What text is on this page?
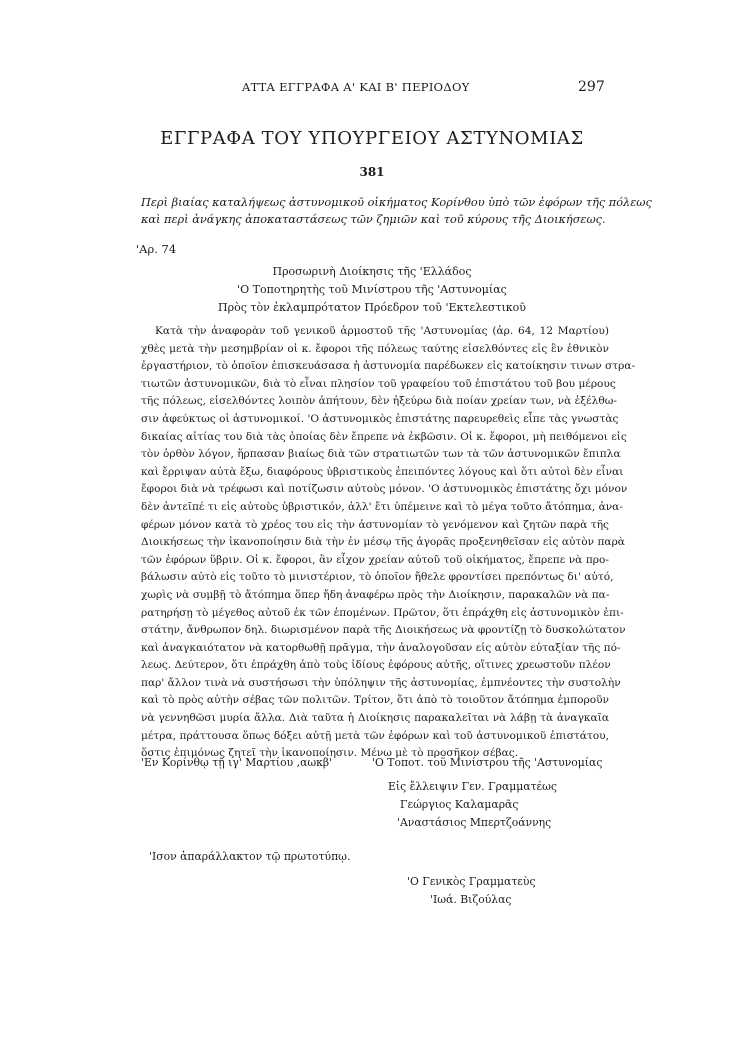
ΑΤΤΑ ΕΓΓΡΑΦΑ Α' ΚΑΙ Β' ΠΕΡΙΟΔΟΥ	297
ΕΓΓΡΑΦΑ ΤΟΥ ΥΠΟΥΡΓΕΙΟΥ ΑΣΤΥΝΟΜΙΑΣ
381

Περὶ βιαίας καταλήψεως ἀστυνομικοῦ οἰκήματος Κορίνθου ὑπὸ τῶν ἐφόρων τῆς πόλεως

καὶ περὶ ἀνάγκης ἀποκαταστάσεως τῶν ζημιῶν καὶ τοῦ κύρους τῆς Διοικήσεως.

'Αρ. 74
Προσωρινὴ Διοίκησις τῆς 'Ελλάδος
'Ο Τοποτηρητὴς τοῦ Μινίστρου τῆς 'Αστυνομίας
Πρὸς τὸν ἐκλαμπρότατον Πρόεδρον τοῦ 'Εκτελεστικοῦ
Κατὰ τὴν ἀναφορὰν τοῦ γενικοῦ ἁρμοστοῦ τῆς 'Αστυνομίας (ἀρ. 64, 12 Μαρτίου)
χθὲς μετὰ τὴν μεσημβρίαν οἱ κ. ἔφοροι τῆς πόλεως ταύτης εἰσελθόντες εἰς ἓν ἐθνικὸν
ἐργαστήριον, τὸ ὁποῖον ἐπισκευάσασα ἡ ἀστυνομία παρέδωκεν εἰς κατοίκησιν τινων στρα-
τιωτῶν ἀστυνομικῶν, διὰ τὸ εἶναι πλησίον τοῦ γραφείου τοῦ ἐπιστάτου τοῦ βου μέρους
τῆς πόλεως, εἰσελθόντες λοιπὸν ἀπήτουν, δὲν ἠξεύρω διὰ ποίαν χρείαν των, νὰ ἐξέλθω-
σιν ἀφεύκτως οἱ ἀστυνομικοί. 'Ο ἀστυνομικὸς ἐπιστάτης παρευρεθεὶς εἶπε τὰς γνωστὰς
δικαίας αἰτίας του διὰ τὰς ὁποίας δὲν ἔπρεπε νὰ ἐκβῶσιν. Οἱ κ. ἔφοροι, μὴ πειθόμενοι εἰς
τὸν ὀρθὸν λόγον, ἥρπασαν βιαίως διὰ τῶν στρατιωτῶν των τὰ τῶν ἀστυνομικῶν ἔπιπλα
καὶ ἔρριψαν αὐτὰ ἔξω, διαφόρους ὑβριστικοὺς ἐπειπόντες λόγους καὶ ὅτι αὐτοὶ δὲν εἶναι
ἔφοροι διὰ νὰ τρέφωσι καὶ ποτίζωσιν αὐτοὺς μόνον. 'Ο ἀστυνομικὸς ἐπιστάτης ὄχι μόνον
δὲν ἀντεῖπέ τι εἰς αὐτοὺς ὑβριστικόν, ἀλλ' ἔτι ὑπέμεινε καὶ τὸ μέγα τοῦτο ἄτόπημα, ἀνα-
φέρων μόνον κατὰ τὸ χρέος του εἰς τὴν ἀστυνομίαν τὸ γενόμενον καὶ ζητῶν παρὰ τῆς
Διοικήσεως τὴν ἱκανοποίησιν διὰ τὴν ἐν μέσῳ τῆς ἀγορᾶς προξενηθεῖσαν εἰς αὐτὸν παρὰ
τῶν ἐφόρων ὕβριν. Οἱ κ. ἔφοροι, ἂν εἶχον χρείαν αὐτοῦ τοῦ οἰκήματος, ἔπρεπε νὰ προ-
βάλωσιν αὐτὸ εἰς τοῦτο τὸ μινιστέριον, τὸ ὁποῖον ἤθελε φροντίσει πρεπόντως δι' αὐτό,
χωρὶς νὰ συμβῇ τὸ ἄτόπημα ὅπερ ἤδη ἀναφέρω πρὸς τὴν Διοίκησιν, παρακαλῶν νὰ πα-
ρατηρήσῃ τὸ μέγεθος αὐτοῦ ἐκ τῶν ἑπομένων. Πρῶτον, ὅτι ἐπράχθη εἰς ἀστυνομικὸν ἐπι-
στάτην, ἄνθρωπον δηλ. διωρισμένον παρὰ τῆς Διοικήσεως νὰ φροντίζῃ τὸ δυσκολώτατον
καὶ ἀναγκαιότατον νὰ κατορθωθῇ πρᾶγμα, τὴν ἀναλογοῦσαν εἰς αὐτὸν εὐταξίαν τῆς πό-
λεως. Δεύτερον, ὅτι ἐπράχθη ἀπὸ τοὺς ἰδίους ἐφόρους αὐτῆς, οἵτινες χρεωστοῦν πλέον
παρ' ἄλλον τινὰ νὰ συστήσωσι τὴν ὑπόληψιν τῆς ἀστυνομίας, ἐμπνέοντες τὴν συστολὴν
καὶ τὸ πρὸς αὐτὴν σέβας τῶν πολιτῶν. Τρίτον, ὅτι ἀπὸ τὸ τοιοῦτον ἄτόπημα ἐμποροῦν
νὰ γεννηθῶσι μυρία ἄλλα. Διὰ ταῦτα ἡ Διοίκησις παρακαλεῖται νὰ λάβῃ τὰ ἀναγκαῖα
μέτρα, πράττουσα ὅπως δόξει αὐτῇ μετὰ τῶν ἐφόρων καὶ τοῦ ἀστυνομικοῦ ἐπιστάτου,
ὅστις ἐπιμόνως ζητεῖ τὴν ἱκανοποίησιν. Μένω μὲ τὸ προσῆκον σέβας.
'Εν Κορίνθῳ τῇ ιγ' Μαρτίου ,αωκβ'	'Ο Τοποτ. τοῦ Μινίστρου τῆς 'Αστυνομίας
Εἰς ἔλλειψιν Γεν. Γραμματέως
Γεώργιος Καλαμαρᾶς
'Αναστάσιος Μπερτζοάννης
'Ισον ἀπαράλλακτον τῷ πρωτοτύπῳ.
'Ο Γενικὸς Γραμματεὺς
'Ιωά. Βιζούλας
